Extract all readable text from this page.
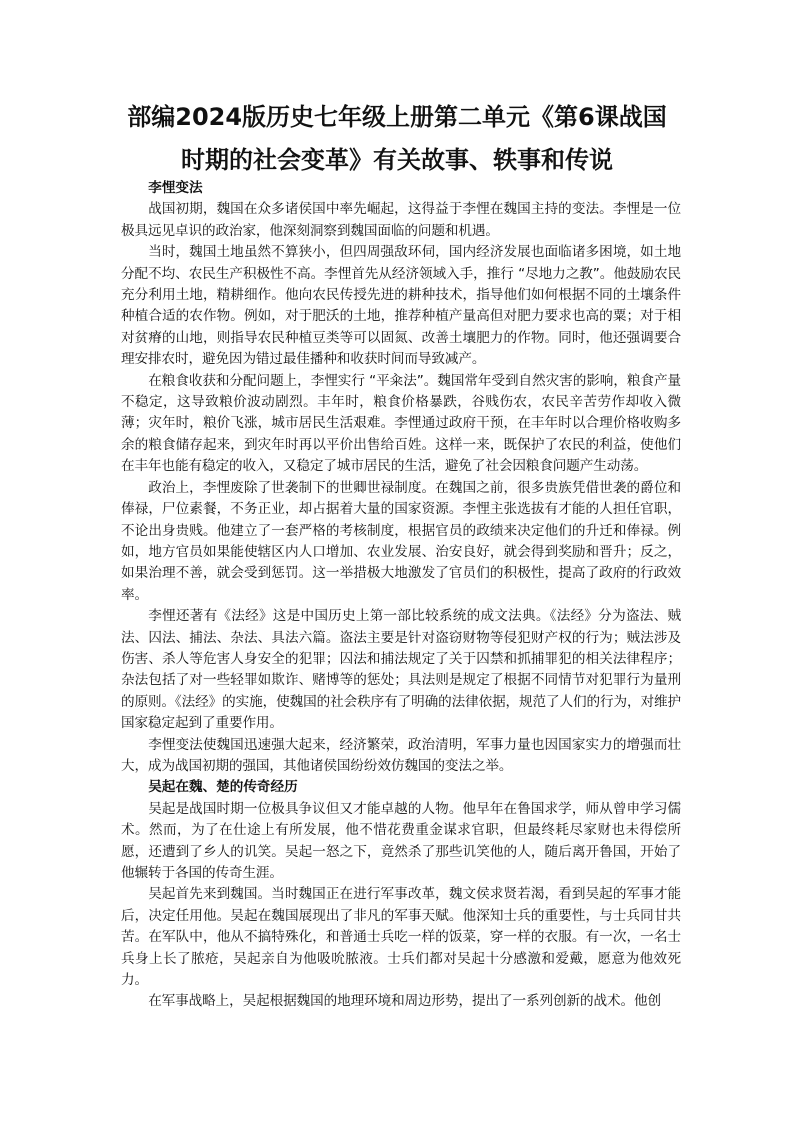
部编2024版历史七年级上册第二单元《第6课战国
时期的社会变革》有关故事、轶事和传说
李悝变法

战国初期，魏国在众多诸侯国中率先崛起，这得益于李悝在魏国主持的变法。李悝是一位极具远见卓识的政治家，他深刻洞察到魏国面临的问题和机遇。

当时，魏国土地虽然不算狭小，但四周强敌环伺，国内经济发展也面临诸多困境，如土地分配不均、农民生产积极性不高。李悝首先从经济领域入手，推行 “尽地力之教”。他鼓励农民充分利用土地，精耕细作。他向农民传授先进的耕种技术，指导他们如何根据不同的土壤条件种植合适的农作物。例如，对于肥沃的土地，推荐种植产量高但对肥力要求也高的粟；对于相对贫瘠的山地，则指导农民种植豆类等可以固氮、改善土壤肥力的作物。同时，他还强调要合理安排农时，避免因为错过最佳播种和收获时间而导致减产。

在粮食收获和分配问题上，李悝实行 “平籴法”。魏国常年受到自然灾害的影响，粮食产量不稳定，这导致粮价波动剧烈。丰年时，粮食价格暴跌，谷贱伤农，农民辛苦劳作却收入微薄；灾年时，粮价飞涨，城市居民生活艰难。李悝通过政府干预，在丰年时以合理价格收购多余的粮食储存起来，到灾年时再以平价出售给百姓。这样一来，既保护了农民的利益，使他们在丰年也能有稳定的收入，又稳定了城市居民的生活，避免了社会因粮食问题产生动荡。

政治上，李悝废除了世袭制下的世卿世禄制度。在魏国之前，很多贵族凭借世袭的爵位和俸禄，尸位素餐，不务正业，却占据着大量的国家资源。李悝主张选拔有才能的人担任官职，不论出身贵贱。他建立了一套严格的考核制度，根据官员的政绩来决定他们的升迁和俸禄。例如，地方官员如果能使辖区内人口增加、农业发展、治安良好，就会得到奖励和晋升；反之，如果治理不善，就会受到惩罚。这一举措极大地激发了官员们的积极性，提高了政府的行政效率。

李悝还著有《法经》这是中国历史上第一部比较系统的成文法典。《法经》分为盗法、贼法、囚法、捕法、杂法、具法六篇。盗法主要是针对盗窃财物等侵犯财产权的行为；贼法涉及伤害、杀人等危害人身安全的犯罪；囚法和捕法规定了关于囚禁和抓捕罪犯的相关法律程序；杂法包括了对一些轻罪如欺诈、赌博等的惩处；具法则是规定了根据不同情节对犯罪行为量刑的原则。《法经》的实施，使魏国的社会秩序有了明确的法律依据，规范了人们的行为，对维护国家稳定起到了重要作用。

李悝变法使魏国迅速强大起来，经济繁荣，政治清明，军事力量也因国家实力的增强而壮大，成为战国初期的强国，其他诸侯国纷纷效仿魏国的变法之举。

吴起在魏、楚的传奇经历

吴起是战国时期一位极具争议但又才能卓越的人物。他早年在鲁国求学，师从曾申学习儒术。然而，为了在仕途上有所发展，他不惜花费重金谋求官职，但最终耗尽家财也未得偿所愿，还遭到了乡人的讥笑。吴起一怒之下，竟然杀了那些讥笑他的人，随后离开鲁国，开始了他辗转于各国的传奇生涯。

吴起首先来到魏国。当时魏国正在进行军事改革，魏文侯求贤若渴，看到吴起的军事才能后，决定任用他。吴起在魏国展现出了非凡的军事天赋。他深知士兵的重要性，与士兵同甘共苦。在军队中，他从不搞特殊化，和普通士兵吃一样的饭菜，穿一样的衣服。有一次，一名士兵身上长了脓疮，吴起亲自为他吸吮脓液。士兵们都对吴起十分感激和爱戴，愿意为他效死力。

在军事战略上，吴起根据魏国的地理环境和周边形势，提出了一系列创新的战术。他创
